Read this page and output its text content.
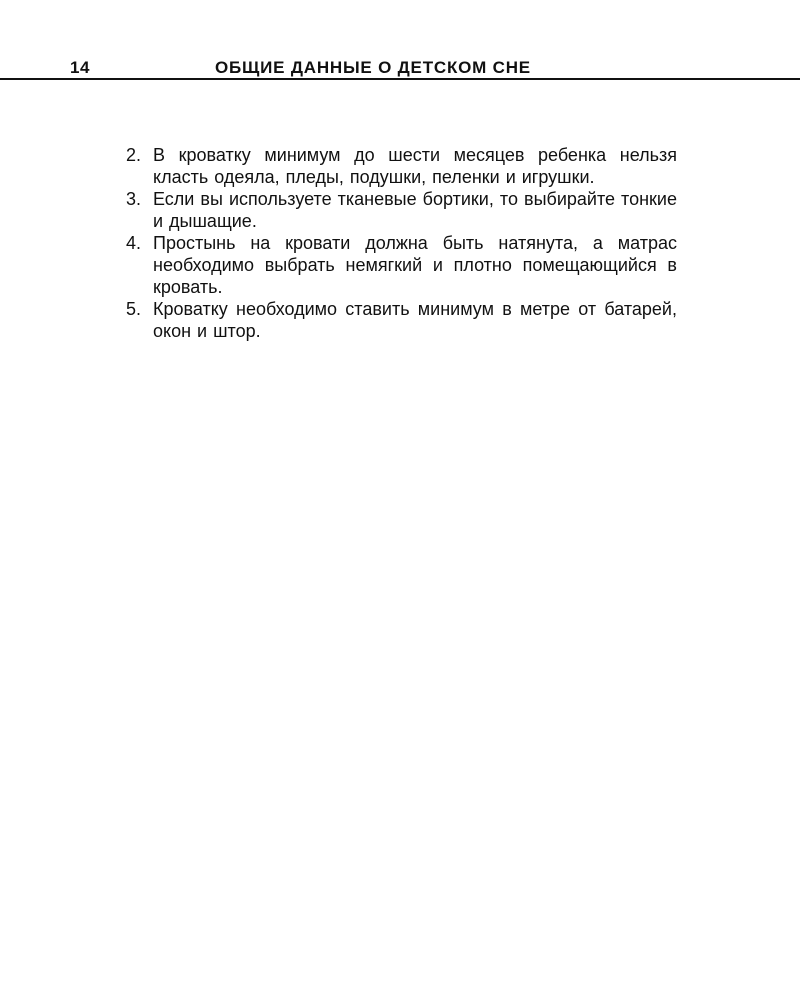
14	ОБЩИЕ ДАННЫЕ О ДЕТСКОМ СНЕ
2. В кроватку минимум до шести месяцев ребенка нельзя класть одеяла, пледы, подушки, пеленки и игрушки.
3. Если вы используете тканевые бортики, то выбирайте тонкие и дышащие.
4. Простынь на кровати должна быть натянута, а матрас необходимо выбрать немягкий и плотно помещающийся в кровать.
5. Кроватку необходимо ставить минимум в метре от батарей, окон и штор.
